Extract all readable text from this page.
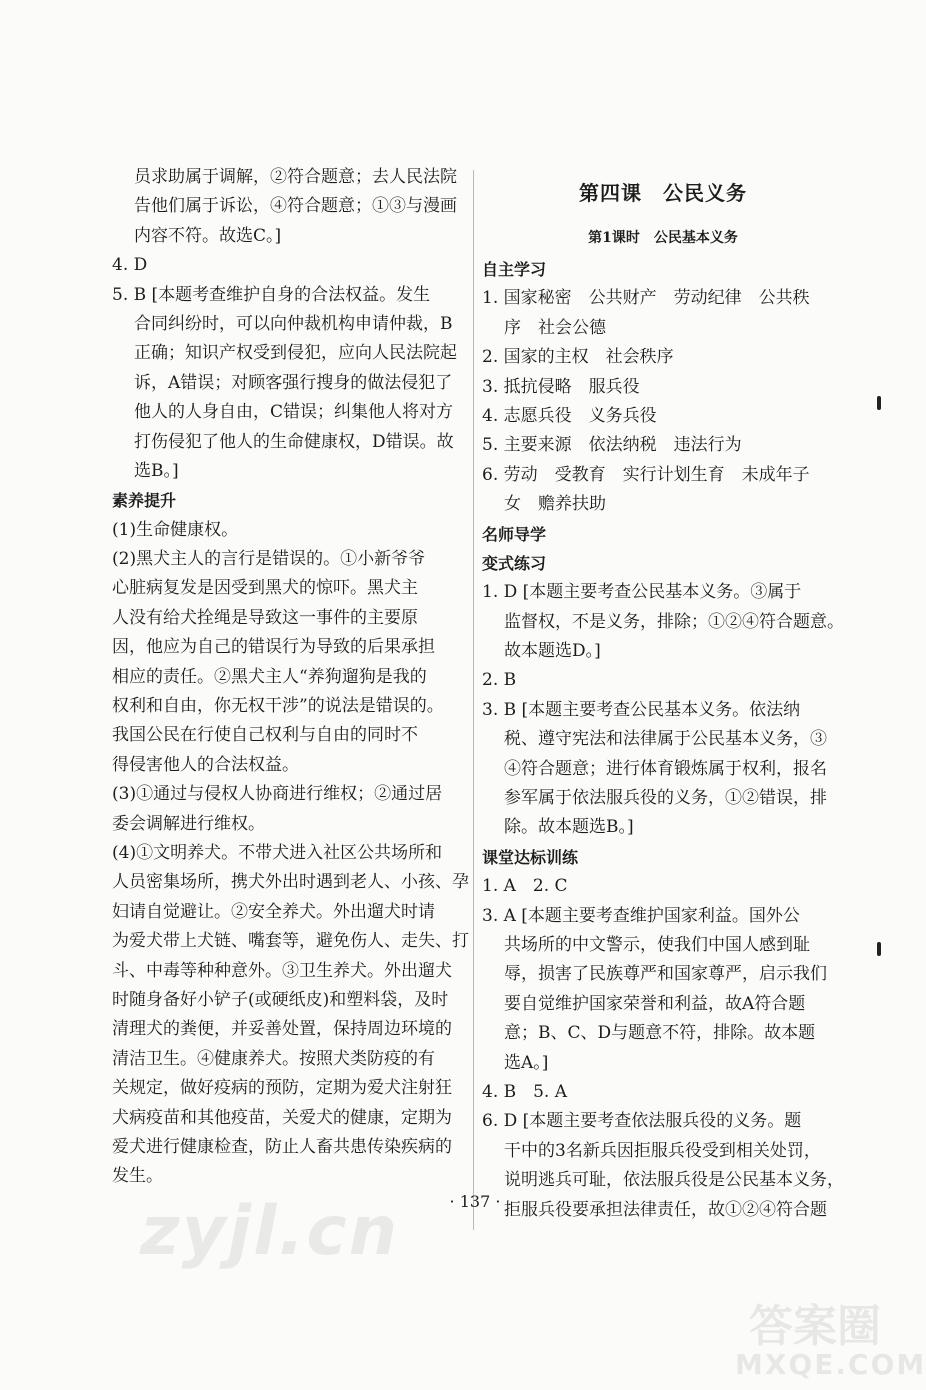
员求助属于调解，②符合题意；去人民法院
告他们属于诉讼，④符合题意；①③与漫画
内容不符。故选C。]
4. D
5. B [本题考查维护自身的合法权益。发生
合同纠纷时，可以向仲裁机构申请仲裁，B
正确；知识产权受到侵犯，应向人民法院起
诉，A错误；对顾客强行搜身的做法侵犯了
他人的人身自由，C错误；纠集他人将对方
打伤侵犯了他人的生命健康权，D错误。故
选B。]
素养提升
(1)生命健康权。
(2)黑犬主人的言行是错误的。①小新爷爷
心脏病复发是因受到黑犬的惊吓。黑犬主
人没有给犬拴绳是导致这一事件的主要原
因，他应为自己的错误行为导致的后果承担
相应的责任。②黑犬主人“养狗遛狗是我的
权利和自由，你无权干涉”的说法是错误的。
我国公民在行使自己权利与自由的同时不
得侵害他人的合法权益。
(3)①通过与侵权人协商进行维权；②通过居
委会调解进行维权。
(4)①文明养犬。不带犬进入社区公共场所和
人员密集场所，携犬外出时遇到老人、小孩、孕
妇请自觉避让。②安全养犬。外出遛犬时请
为爱犬带上犬链、嘴套等，避免伤人、走失、打
斗、中毒等种种意外。③卫生养犬。外出遛犬
时随身备好小铲子(或硬纸皮)和塑料袋，及时
清理犬的粪便，并妥善处置，保持周边环境的
清洁卫生。④健康养犬。按照犬类防疫的有
关规定，做好疫病的预防，定期为爱犬注射狂
犬病疫苗和其他疫苗，关爱犬的健康，定期为
爱犬进行健康检查，防止人畜共患传染疾病的
发生。
第四课　公民义务
第1课时　公民基本义务
自主学习
1. 国家秘密　公共财产　劳动纪律　公共秩
序　社会公德
2. 国家的主权　社会秩序
3. 抵抗侵略　服兵役
4. 志愿兵役　义务兵役
5. 主要来源　依法纳税　违法行为
6. 劳动　受教育　实行计划生育　未成年子
女　赡养扶助
名师导学
变式练习
1. D [本题主要考查公民基本义务。③属于
监督权，不是义务，排除；①②④符合题意。
故本题选D。]
2. B
3. B [本题主要考查公民基本义务。依法纳
税、遵守宪法和法律属于公民基本义务，③
④符合题意；进行体育锻炼属于权利，报名
参军属于依法服兵役的义务，①②错误，排
除。故本题选B。]
课堂达标训练
1. A　2. C
3. A [本题主要考查维护国家利益。国外公
共场所的中文警示，使我们中国人感到耻
辱，损害了民族尊严和国家尊严，启示我们
要自觉维护国家荣誉和利益，故A符合题
意；B、C、D与题意不符，排除。故本题
选A。]
4. B　5. A
6. D [本题主要考查依法服兵役的义务。题
干中的3名新兵因拒服兵役受到相关处罚，
说明逃兵可耻，依法服兵役是公民基本义务，
拒服兵役要承担法律责任，故①②④符合题
· 137 ·
zyjl.cn
答案圈
MXQE.COM
